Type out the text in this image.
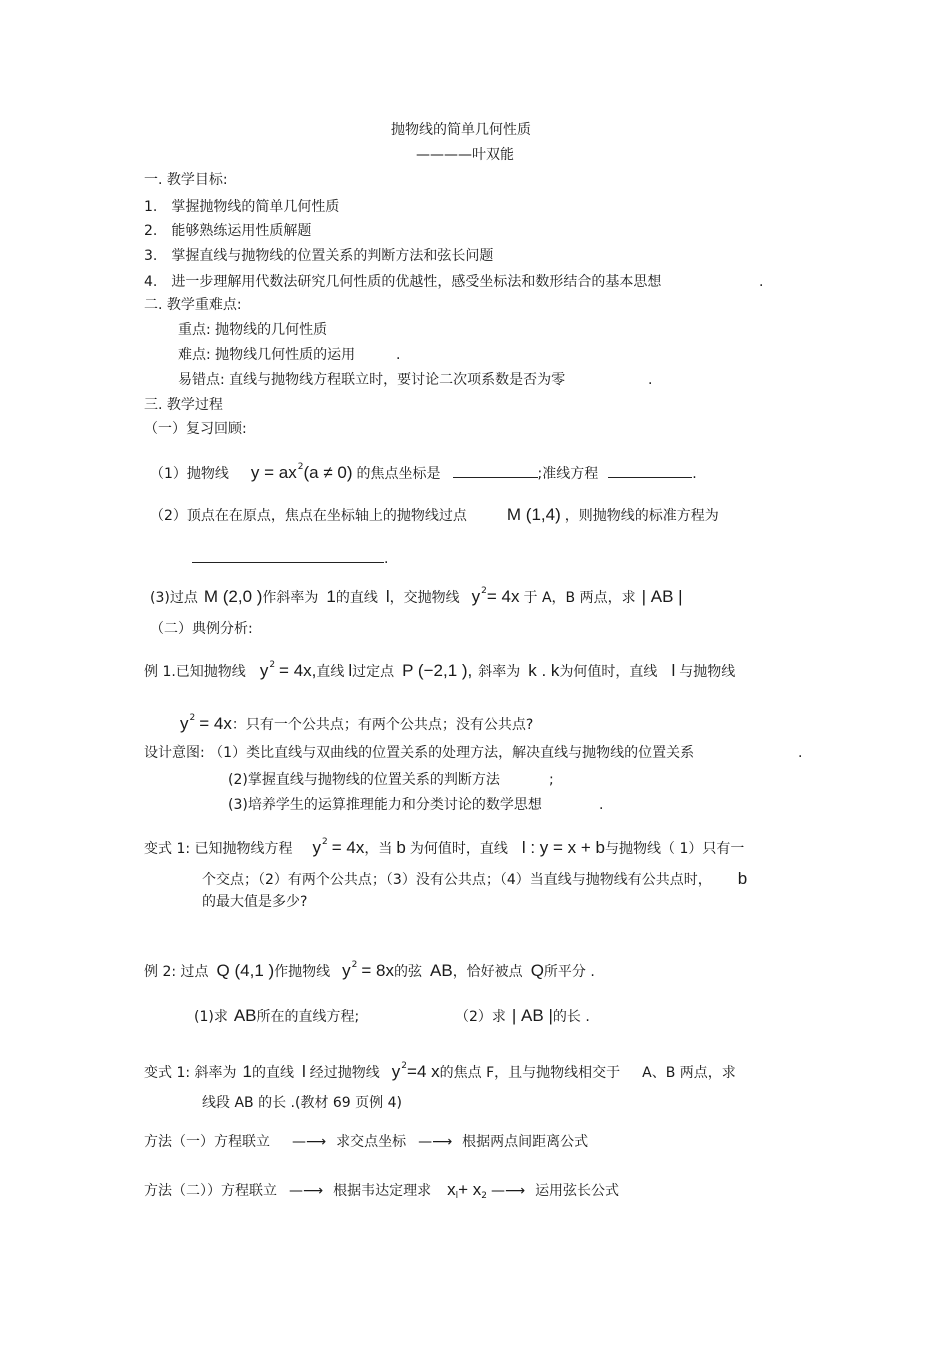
抛物线的简单几何性质
————叶双能
一. 教学目标:
1. 掌握抛物线的简单几何性质
2. 能够熟练运用性质解题
3. 掌握直线与抛物线的位置关系的判断方法和弦长问题
4. 进一步理解用代数法研究几何性质的优越性，感受坐标法和数形结合的基本思想	.
二. 教学重难点:
重点: 抛物线的几何性质
难点: 抛物线几何性质的运用	.
易错点: 直线与抛物线方程联立时，要讨论二次项系数是否为零	.
三. 教学过程
（一）复习回顾:
（1）抛物线 $y = ax^2(a \ne 0)$ 的焦点坐标是	;准线方程	.
（2）顶点在在原点，焦点在坐标轴上的抛物线过点 M (1,4) ，则抛物线的标准方程为
.
(3)过点 M (2,0 )作斜率为 1的直线 l，交抛物线 $y^2= 4x$ 于 A，B 两点，求 | AB |
（二）典例分析:
例 1.已知抛物线 $y^2 = 4x$,直线 l过定点 P (−2,1 ), 斜率为 k . k为何值时，直线 l 与抛物线
$y^2 = 4x$：只有一个公共点；有两个公共点；没有公共点?
设计意图: （1）类比直线与双曲线的位置关系的处理方法，解决直线与抛物线的位置关系	.
(2)掌握直线与抛物线的位置关系的判断方法	;
(3)培养学生的运算推理能力和分类讨论的数学思想	.
变式 1: 已知抛物线方程 $y^2 = 4x$，当 b 为何值时，直线 l : y = x + b与抛物线（ 1）只有一
个交点；（2）有两个公共点；（3）没有公共点；（4）当直线与抛物线有公共点时， b
的最大值是多少?
例 2: 过点 Q (4,1 )作抛物线 $y^2 = 8x$的弦 AB，恰好被点 Q所平分 .
(1)求 AB所在的直线方程;	（2）求 | AB |的长 .
变式 1: 斜率为 1的直线 l 经过抛物线 $y^2=4$ x的焦点 F，且与抛物线相交于 A、B 两点，求
线段 AB 的长 .(教材 69 页例 4)
方法（一）方程联立 —⟶ 求交点坐标 —⟶ 根据两点间距离公式
方法（二））方程联立 —⟶ 根据韦达定理求 $x_l+ x_2$ —⟶ 运用弦长公式
